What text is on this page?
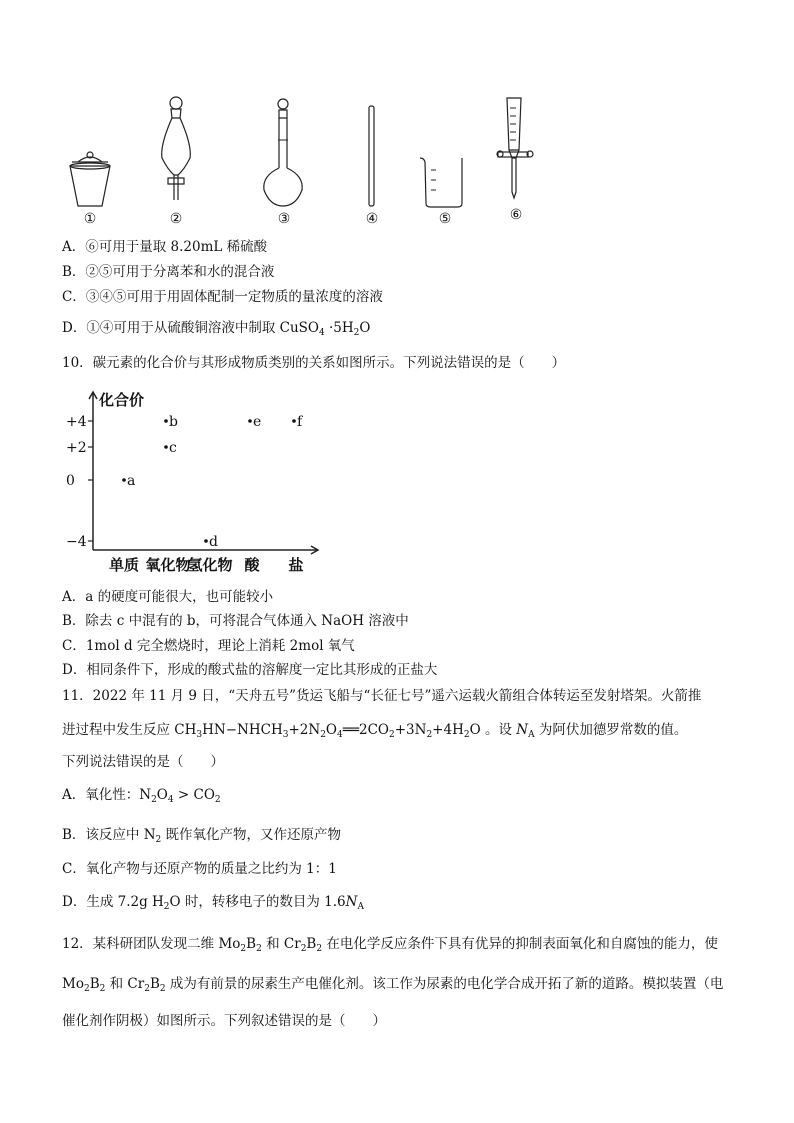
①	②	③	④	⑤	⑥
A．⑥可用于量取 8.20mL 稀硫酸
B．②⑤可用于分离苯和水的混合液
C．③④⑤可用于用固体配制一定物质的量浓度的溶液
D．①④可用于从硫酸铜溶液中制取 CuSO$_4$ $\cdot 5H_2O$
10．碳元素的化合价与其形成物质类别的关系如图所示。下列说法错误的是（　　）
化合价
+4
+2
0
−4
单质 氧化物
氢化物 酸 盐
a
b
c
d
e	f
A．a 的硬度可能很大，也可能较小
B．除去 c 中混有的 b，可将混合气体通入 NaOH 溶液中
C．1mol d 完全燃烧时，理论上消耗 2mol 氧气
D．相同条件下，形成的酸式盐的溶解度一定比其形成的正盐大
11．2022 年 11 月 9 日，“天舟五号”货运飞船与“长征七号”遥六运载火箭组合体转运至发射塔架。火箭推
进过程中发生反应 $CH_3HN-NHCH_3+2N_2O_4══2CO_2+3N_2+4H_2O$ 。设 $N_A$ 为阿伏加德罗常数的值。
下列说法错误的是（　　）
A．氧化性：$N_2O_4 > CO_2$
B．该反应中 $N_2$ 既作氧化产物，又作还原产物
C．氧化产物与还原产物的质量之比约为 1：1
D．生成 7.2g $H_2O$ 时，转移电子的数目为 $1.6N_A$
12．某科研团队发现二维 $Mo_2B_2$ 和 $Cr_2B_2$ 在电化学反应条件下具有优异的抑制表面氧化和自腐蚀的能力，使
$Mo_2B_2$ 和 $Cr_2B_2$ 成为有前景的尿素生产电催化剂。该工作为尿素的电化学合成开拓了新的道路。模拟装置（电
催化剂作阴极）如图所示。下列叙述错误的是（　　）
